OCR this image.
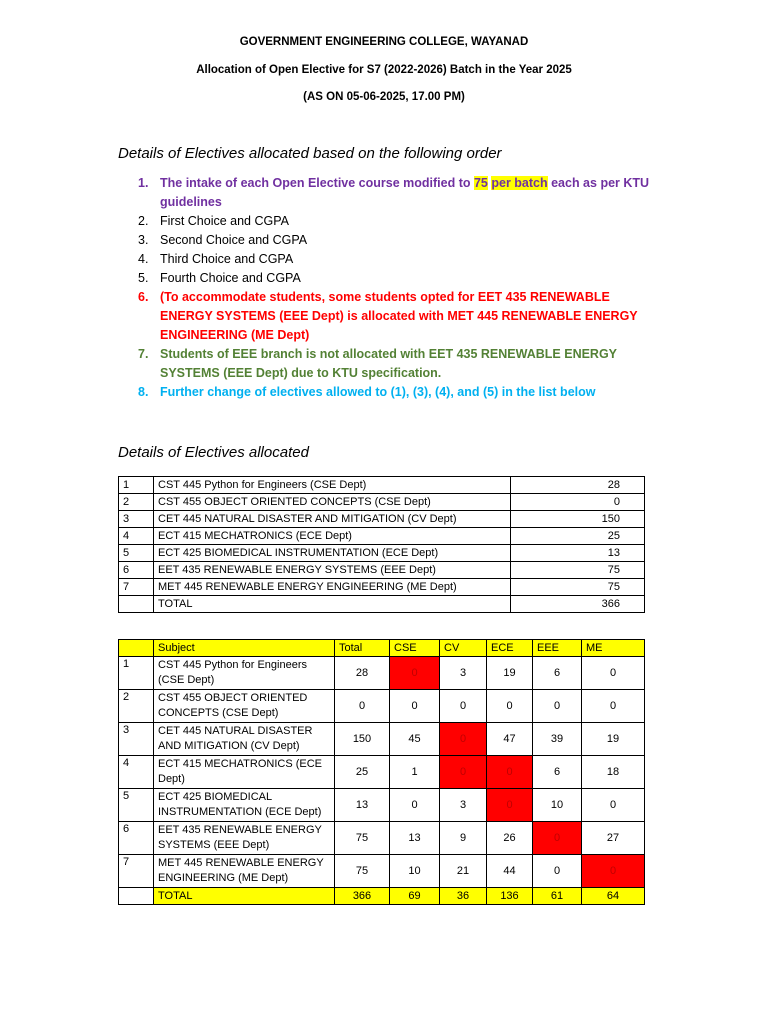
GOVERNMENT ENGINEERING COLLEGE, WAYANAD
Allocation of Open Elective for S7 (2022-2026) Batch in the Year 2025
(AS ON 05-06-2025, 17.00 PM)
Details of Electives allocated based on the following order
1. The intake of each Open Elective course modified to 75 per batch each as per KTU guidelines
2. First Choice and CGPA
3. Second Choice and CGPA
4. Third Choice and CGPA
5. Fourth Choice and CGPA
6. (To accommodate students, some students opted for EET 435 RENEWABLE ENERGY SYSTEMS (EEE Dept) is allocated with MET 445 RENEWABLE ENERGY ENGINEERING (ME Dept)
7. Students of EEE branch is not allocated with EET 435 RENEWABLE ENERGY SYSTEMS (EEE Dept) due to KTU specification.
8. Further change of electives allowed to (1), (3), (4), and (5) in the list below
Details of Electives allocated
1	CST 445 Python for Engineers (CSE Dept)	28
2	CST 455 OBJECT ORIENTED CONCEPTS (CSE Dept)	0
3	CET 445 NATURAL DISASTER AND MITIGATION (CV Dept)	150
4	ECT 415 MECHATRONICS (ECE Dept)	25
5	ECT 425 BIOMEDICAL INSTRUMENTATION (ECE Dept)	13
6	EET 435 RENEWABLE ENERGY SYSTEMS (EEE Dept)	75
7	MET 445 RENEWABLE ENERGY ENGINEERING (ME Dept)	75
	TOTAL	366
	Subject	Total	CSE	CV	ECE	EEE	ME
1	CST 445 Python for Engineers (CSE Dept)	28	0	3	19	6	0
2	CST 455 OBJECT ORIENTED CONCEPTS (CSE Dept)	0	0	0	0	0	0
3	CET 445 NATURAL DISASTER AND MITIGATION (CV Dept)	150	45	0	47	39	19
4	ECT 415 MECHATRONICS (ECE Dept)	25	1	0	0	6	18
5	ECT 425 BIOMEDICAL INSTRUMENTATION (ECE Dept)	13	0	3	0	10	0
6	EET 435 RENEWABLE ENERGY SYSTEMS (EEE Dept)	75	13	9	26	0	27
7	MET 445 RENEWABLE ENERGY ENGINEERING (ME Dept)	75	10	21	44	0	0
	TOTAL	366	69	36	136	61	64
